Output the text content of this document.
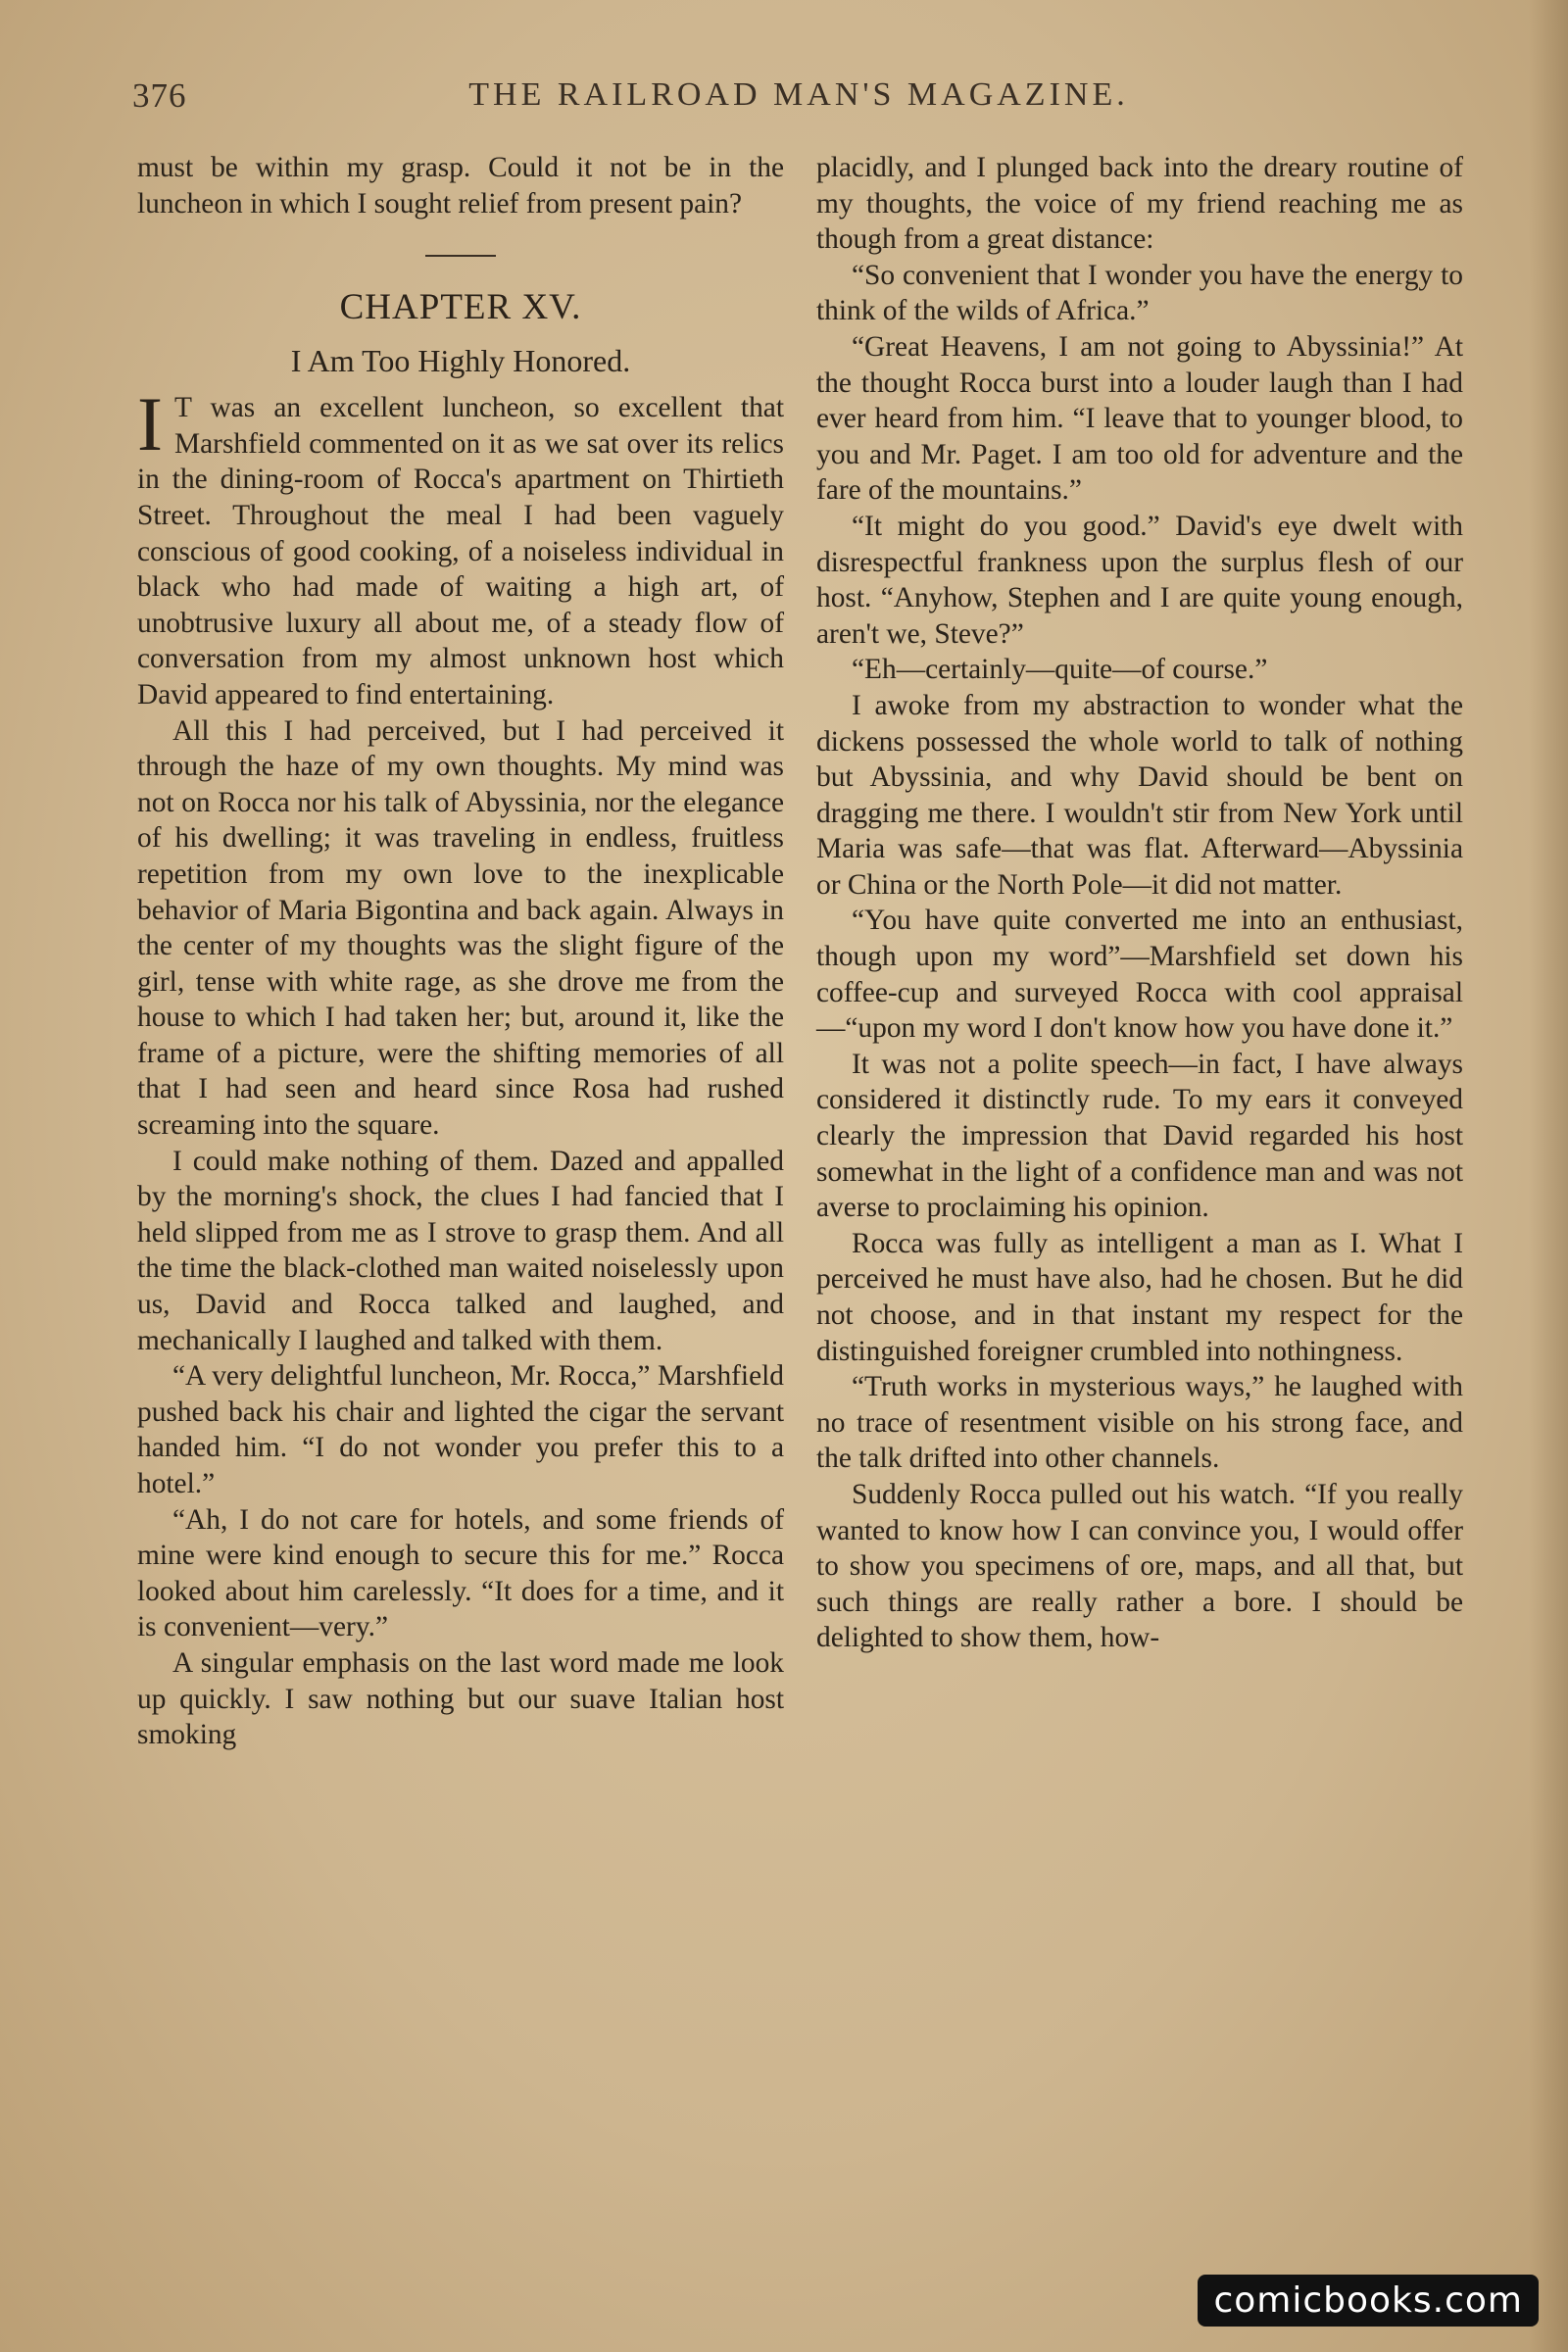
376	THE RAILROAD MAN'S MAGAZINE.

must be within my grasp. Could it not be in the luncheon in which I sought relief from present pain?

CHAPTER XV.
I Am Too Highly Honored.

I T was an excellent luncheon, so excellent that Marshfield commented on it as we sat over its relics in the dining-room of Rocca's apartment on Thirtieth Street. Throughout the meal I had been vaguely conscious of good cooking, of a noiseless individual in black who had made of waiting a high art, of unobtrusive luxury all about me, of a steady flow of conversation from my almost unknown host which David appeared to find entertaining.

All this I had perceived, but I had perceived it through the haze of my own thoughts. My mind was not on Rocca nor his talk of Abyssinia, nor the elegance of his dwelling; it was traveling in endless, fruitless repetition from my own love to the inexplicable behavior of Maria Bigontina and back again. Always in the center of my thoughts was the slight figure of the girl, tense with white rage, as she drove me from the house to which I had taken her; but, around it, like the frame of a picture, were the shifting memories of all that I had seen and heard since Rosa had rushed screaming into the square.

I could make nothing of them. Dazed and appalled by the morning's shock, the clues I had fancied that I held slipped from me as I strove to grasp them. And all the time the black-clothed man waited noiselessly upon us, David and Rocca talked and laughed, and mechanically I laughed and talked with them.

“A very delightful luncheon, Mr. Rocca,” Marshfield pushed back his chair and lighted the cigar the servant handed him. “I do not wonder you prefer this to a hotel.”

“Ah, I do not care for hotels, and some friends of mine were kind enough to secure this for me.” Rocca looked about him carelessly. “It does for a time, and it is convenient—very.”

A singular emphasis on the last word made me look up quickly. I saw nothing but our suave Italian host smoking

placidly, and I plunged back into the dreary routine of my thoughts, the voice of my friend reaching me as though from a great distance:

“So convenient that I wonder you have the energy to think of the wilds of Africa.”

“Great Heavens, I am not going to Abyssinia!” At the thought Rocca burst into a louder laugh than I had ever heard from him. “I leave that to younger blood, to you and Mr. Paget. I am too old for adventure and the fare of the mountains.”

“It might do you good.” David's eye dwelt with disrespectful frankness upon the surplus flesh of our host. “Anyhow, Stephen and I are quite young enough, aren't we, Steve?”

“Eh—certainly—quite—of course.”

I awoke from my abstraction to wonder what the dickens possessed the whole world to talk of nothing but Abyssinia, and why David should be bent on dragging me there. I wouldn't stir from New York until Maria was safe—that was flat. Afterward—Abyssinia or China or the North Pole—it did not matter.

“You have quite converted me into an enthusiast, though upon my word”—Marshfield set down his coffee-cup and surveyed Rocca with cool appraisal—“upon my word I don't know how you have done it.”

It was not a polite speech—in fact, I have always considered it distinctly rude. To my ears it conveyed clearly the impression that David regarded his host somewhat in the light of a confidence man and was not averse to proclaiming his opinion.

Rocca was fully as intelligent a man as I. What I perceived he must have also, had he chosen. But he did not choose, and in that instant my respect for the distinguished foreigner crumbled into nothingness.

“Truth works in mysterious ways,” he laughed with no trace of resentment visible on his strong face, and the talk drifted into other channels.

Suddenly Rocca pulled out his watch. “If you really wanted to know how I can convince you, I would offer to show you specimens of ore, maps, and all that, but such things are really rather a bore. I should be delighted to show them, how-

comicbooks.com
